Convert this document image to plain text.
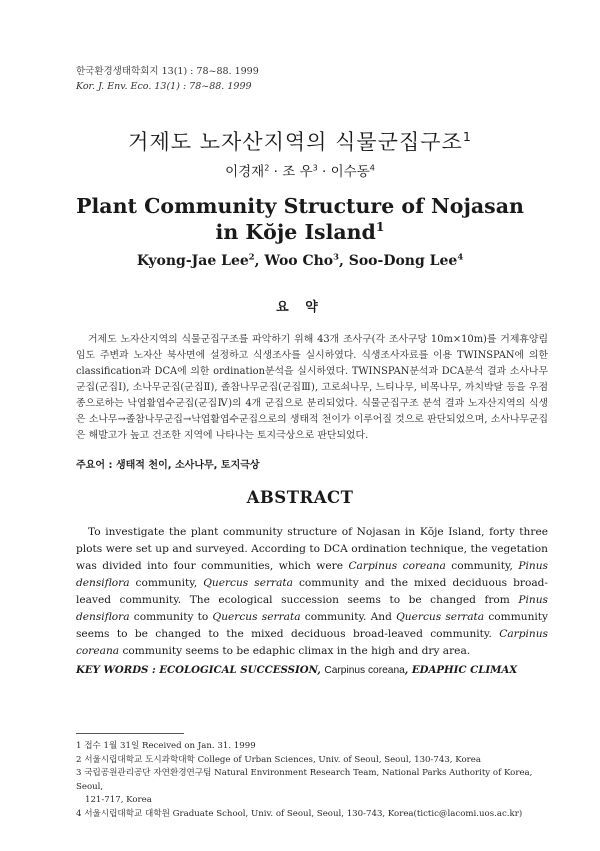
한국환경생태학회지 13(1) : 78~88. 1999
Kor. J. Env. Eco. 13(1) : 78~88. 1999
거제도 노자산지역의 식물군집구조$^1$
이경재$^2$ · 조 우$^3$ · 이수동$^4$
Plant Community Structure of Nojasan
in Kŏje Island$^1$
Kyong-Jae Lee$^2$, Woo Cho$^3$, Soo-Dong Lee$^4$
요 약
거제도 노자산지역의 식물군집구조를 파악하기 위해 43개 조사구(각 조사구당 10m×10m)를 거제휴양림 임도 주변과 노자산 북사면에 설정하고 식생조사를 실시하였다. 식생조사자료를 이용 TWINSPAN에 의한 classification과 DCA에 의한 ordination분석을 실시하였다. TWINSPAN분석과 DCA분석 결과 소사나무군집(군집Ⅰ), 소나무군집(군집Ⅱ), 졸참나무군집(군집Ⅲ), 고로쇠나무, 느티나무, 비목나무, 까치박달 등을 우점종으로하는 낙엽활엽수군집(군집Ⅳ)의 4개 군집으로 분리되었다. 식물군집구조 분석 결과 노자산지역의 식생은 소나무→졸참나무군집→낙엽활엽수군집으로의 생태적 천이가 이루어질 것으로 판단되었으며, 소사나무군집은 해발고가 높고 건조한 지역에 나타나는 토지극상으로 판단되었다.
주요어 : 생태적 천이, 소사나무, 토지극상
ABSTRACT
To investigate the plant community structure of Nojasan in Kŏje Island, forty three plots were set up and surveyed. According to DCA ordination technique, the vegetation was divided into four communities, which were Carpinus coreana community, Pinus densiflora community, Quercus serrata community and the mixed deciduous broad-leaved community. The ecological succession seems to be changed from Pinus densiflora community to Quercus serrata community. And Quercus serrata community seems to be changed to the mixed deciduous broad-leaved community. Carpinus coreana community seems to be edaphic climax in the high and dry area.
KEY WORDS : ECOLOGICAL SUCCESSION, Carpinus coreana, EDAPHIC CLIMAX

1 접수 1월 31일 Received on Jan. 31. 1999

2 서울시립대학교 도시과학대학 College of Urban Sciences, Univ. of Seoul, Seoul, 130-743, Korea

3 국립공원관리공단 자연환경연구팀 Natural Environment Research Team, National Parks Authority of Korea, Seoul,

121-717, Korea

4 서울시립대학교 대학원 Graduate School, Univ. of Seoul, Seoul, 130-743, Korea(tictic@lacomi.uos.ac.kr)
